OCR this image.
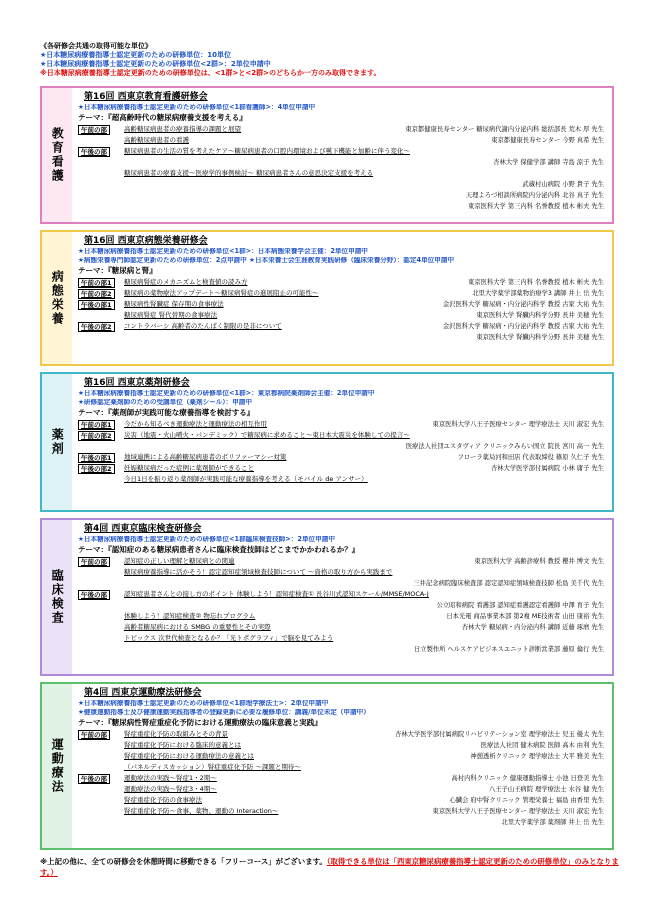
《各研修会共通の取得可能な単位》
★日本糖尿病療養指導士認定更新のための研修単位：10単位
★日本糖尿病療養指導士認定更新のための研修単位<2群>：2単位申請中
※日本糖尿病療養指導士認定更新のための研修単位は、<1群>と<2群>のどちらか一方のみ取得できます。
教育看護
第16回 西東京教育看護研修会
★日本糖尿病療養指導士認定更新のための研修単位<1群看護師>：4単位申請中
テーマ：『超高齢時代の糖尿病療養支援を考える』
午前の部	高齢糖尿病患者の療養指導の課題と展望	東京都健康長寿センター 糖尿病代謝内分泌内科 総括部長 荒木 厚 先生
高齢糖尿病患者の看護	東京都健康長寿センター 今野 真希 先生
午後の部	糖尿病患者の生活の質を考えたケア～糖尿病患者の口腔内環境および嚥下機能と加齢に伴う変化～
杏林大学 保健学部 講師 寺島 涼子 先生
糖尿病患者の療養支援～医療学的事例検討～ 糖尿病患者さんの意思決定支援を考える
武蔵村山病院 小野 貴子 先生
天理よろづ相談所病院内分泌内科 北谷 真子 先生
東京医科大学 第三内科 名誉教授 植木 彬夫 先生
病態栄養
第16回 西東京病態栄養研修会
★日本糖尿病療養指導士認定更新のための研修単位<1群>：日本病態栄養学会主催：2単位申請中
★病態栄養専門師認定更新のための研修単位：2点申請中 ★日本栄養士会生涯教育実践研修（臨床栄養分野）：認定4単位申請中
テーマ：『糖尿病と腎』
午前の部1	糖尿病腎症のメカニズムと検査値の読み方	東京医科大学 第三内科 名誉教授 植木 彬夫 先生
午前の部2	糖尿病の薬物療法アップデート～糖尿病腎症の進展阻止の可能性～	北里大学薬学部薬物治療学3 講師 井上 岳 先生
午後の部1	糖尿病性腎臓症 保存期の食事療法	金沢医科大学 糖尿病・内分泌内科学 教授 古家 大祐 先生
糖尿病腎症 腎代替期の食事療法	東京医科大学 腎臓内科学分野 長井 美穂 先生
午後の部2	コントラバーシ 高齢者のたんぱく制限の是非について	金沢医科大学 糖尿病・内分泌内科学 教授 古家 大祐 先生
東京医科大学 腎臓内科学分野 長井 美穂 先生
薬剤
第16回 西東京薬剤研修会
★日本糖尿病療養指導士認定更新のための研修単位<1群>：東京都病院薬剤師会主催：2単位申請中
★研修認定薬剤師のための受講単位（薬剤シール）：申請中
テーマ：『薬剤師が実践可能な療養指導を検討する』
午前の部1	今だから知るべき運動療法と運動療法の相互作用	東京医科大学八王子医療センター 理学療法士 天川 淑宏 先生
午前の部2	災害（地震・火山噴火・パンデミック）で糖尿病に求めること～東日本大震災を体験しての提言～
医療法人社団ユスタヴィア クリニックみらい国立 院長 宮川 高一 先生
午後の部1	地域連携による高齢糖尿病患者のポリファーマシー対策	フローラ薬局河和田店 代表取締役 篠原 久仁子 先生
午後の部2	妊娠糖尿病だった症例に薬剤師ができること	杏林大学医学部付属病院 小林 庸子 先生
今日1日を振り返り薬剤師が実践可能な療養指導を考える（モバイル de アンサー）
臨床検査
第4回 西東京臨床検査研修会
★日本糖尿病療養指導士認定更新のための研修単位<1群臨床検査技師>：2単位申請中
テーマ：『認知症のある糖尿病患者さんに臨床検査技師はどこまでかかわれるか？』
午前の部	認知症の正しい理解と糖尿病との関連	東京医科大学 高齢診療科 教授 櫻井 博文 先生
糖尿病療養指導に活かそう！認定認知症領域検査技師について ～資格の取り方から実践まで
三井記念病院臨床検査部 認定認知症領域検査技師 松島 美千代 先生
午後の部	認知症患者さんとの接し方のポイント 体験しよう！認知症検査① 長谷川式認知スケール/MMSE/MOCA-J
公立昭和病院 看護部 認知症看護認定看護師 中澤 育子 先生
体験しよう！認知症検査② 物忘れプログラム	日本光電 商品事業本部 第2複 ME技術者 山田 康裕 先生
高齢者糖尿病における SMBG の重要性とその実際	杏林大学 糖尿病・内分泌内科 講師 近藤 琢磨 先生
トピックス 次世代検査となるか？「光トポグラフィ」で脳を見てみよう
日立製作所 ヘルスケアビジネスユニット診断営業部 藤原 倫行 先生
運動療法
第4回 西東京運動療法研修会
★日本糖尿病療養指導士認定更新のための研修単位<1群理学療法士>：2単位申請中
★健康運動指導士及び健康運動実践指導者の登録更新に必要な履修単位：講義/単位未定（申請中）
テーマ：『糖尿病性腎症重症化予防における運動療法の臨床意義と実践』
午前の部	腎症重症化予防の取組みとその背景	杏林大学医学部付属病院リハビリテーション室 理学療法士 児玉 優太 先生
腎症重症化予防における臨床的意義とは	医療法人社団 健木病院 医師 高木 由利 先生
腎症重症化予防における運動療法の意義とは	神憩透析クリニック 理学療法士 大平 雅美 先生
（パネルディスカッション）腎症重症化予防 ～課題と期待～
午後の部	運動療法の実践～腎症1・2期～	高村内科クリニック 健康運動指導士 小池 日登美 先生
運動療法の実践～腎症3・4期～	八王子山王病院 理学療法士 水谷 健 先生
腎症重症化予防の食事療法	心臓会 府中腎クリニック 管理栄養士 福島 由香里 先生
腎症重症化予防～食事、薬物、運動の Interaction～	東京医科大学八王子医療センター 理学療法士 天川 淑宏 先生
北里大学薬学部 薬剤師 井上 岳 先生
※上記の他に、全ての研修会を休憩時間に移動できる「フリーコース」がございます。（取得できる単位は「西東京糖尿病療養指導士認定更新のための研修単位」のみとなります。）
